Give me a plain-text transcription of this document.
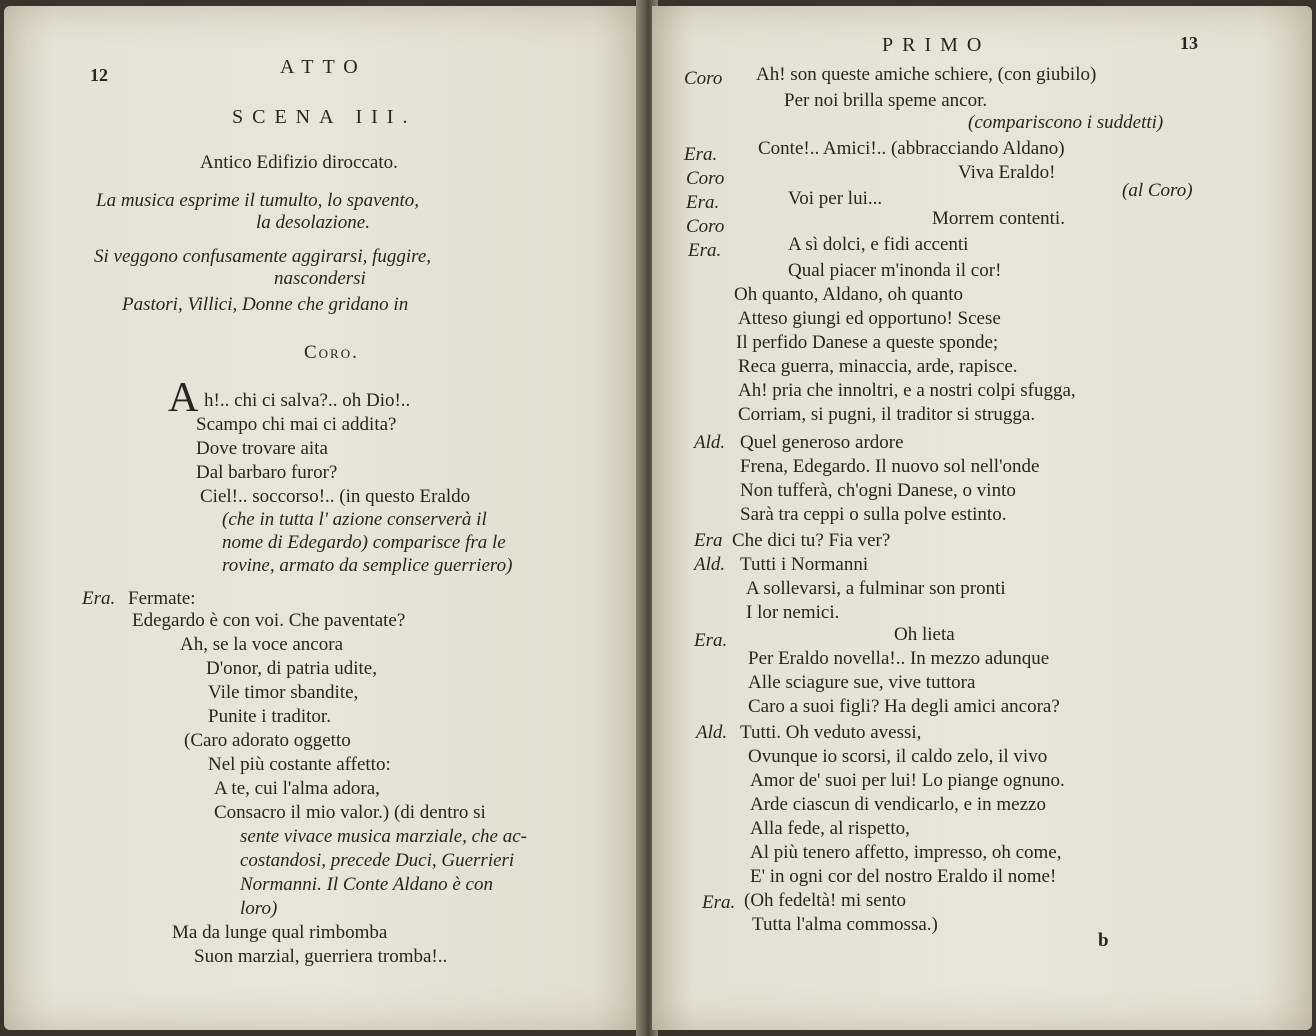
12	ATTO
SCENA III.
Antico Edifizio diroccato.
La musica esprime il tumulto, lo spavento,
la desolazione.
Si veggono confusamente aggirarsi, fuggire,
nascondersi
Pastori, Villici, Donne che gridano in
Coro.
A h!.. chi ci salva?.. oh Dio!..
Scampo chi mai ci addita?
Dove trovare aita
Dal barbaro furor?
Ciel!.. soccorso!.. (in questo Eraldo
(che in tutta l' azione conserverà il
nome di Edegardo) comparisce fra le
rovine, armato da semplice guerriero)
Era. Fermate:
Edegardo è con voi. Che paventate?
Ah, se la voce ancora
D'onor, di patria udite,
Vile timor sbandite,
Punite i traditor.
(Caro adorato oggetto
Nel più costante affetto:
A te, cui l'alma adora,
Consacro il mio valor.) (di dentro si
sente vivace musica marziale, che ac-
costandosi, precede Duci, Guerrieri
Normanni. Il Conte Aldano è con
loro)
Ma da lunge qual rimbomba
Suon marzial, guerriera tromba!..
PRIMO	13
Coro Ah! son queste amiche schiere, (con giubilo)
Per noi brilla speme ancor.
(compariscono i suddetti)
Era. Conte!.. Amici!.. (abbracciando Aldano)
Coro	Viva Eraldo!
Era.	Voi per lui...	(al Coro)
Coro	Morrem contenti.
Era.	A sì dolci, e fidi accenti
Qual piacer m'inonda il cor!
Oh quanto, Aldano, oh quanto
Atteso giungi ed opportuno! Scese
Il perfido Danese a queste sponde;
Reca guerra, minaccia, arde, rapisce.
Ah! pria che innoltri, e a nostri colpi sfugga,
Corriam, si pugni, il traditor si strugga.
Ald. Quel generoso ardore
Frena, Edegardo. Il nuovo sol nell'onde
Non tufferà, ch'ogni Danese, o vinto
Sarà tra ceppi o sulla polve estinto.
Era Che dici tu? Fia ver?
Ald. Tutti i Normanni
A sollevarsi, a fulminar son pronti
I lor nemici.
Era.	Oh lieta
Per Eraldo novella!.. In mezzo adunque
Alle sciagure sue, vive tuttora
Caro a suoi figli? Ha degli amici ancora?
Ald. Tutti. Oh veduto avessi,
Ovunque io scorsi, il caldo zelo, il vivo
Amor de' suoi per lui! Lo piange ognuno.
Arde ciascun di vendicarlo, e in mezzo
Alla fede, al rispetto,
Al più tenero affetto, impresso, oh come,
E' in ogni cor del nostro Eraldo il nome!
Era. (Oh fedeltà! mi sento
Tutta l'alma commossa.)
b
